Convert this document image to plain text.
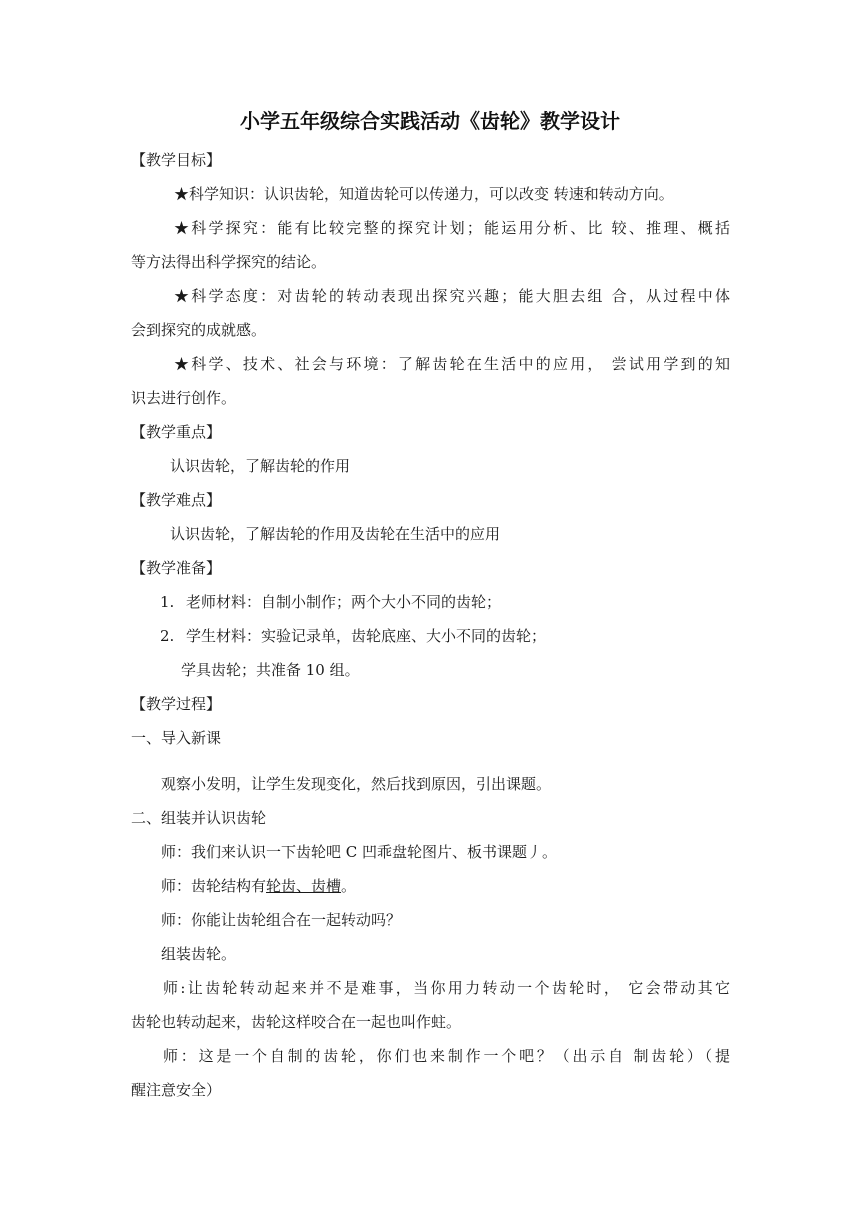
小学五年级综合实践活动《齿轮》教学设计
【教学目标】
★科学知识：认识齿轮，知道齿轮可以传递力，可以改变 转速和转动方向。
★科学探究：能有比较完整的探究计划；能运用分析、比 较、推理、概括
等方法得出科学探究的结论。
★科学态度：对齿轮的转动表现出探究兴趣；能大胆去组 合，从过程中体
会到探究的成就感。
★科学、技术、社会与环境：了解齿轮在生活中的应用， 尝试用学到的知
识去进行创作。
【教学重点】
认识齿轮，了解齿轮的作用
【教学难点】
认识齿轮，了解齿轮的作用及齿轮在生活中的应用
【教学准备】
1. 老师材料：自制小制作；两个大小不同的齿轮；
2. 学生材料：实验记录单，齿轮底座、大小不同的齿轮；
学具齿轮；共准备 10 组。
【教学过程】
一、导入新课
观察小发明，让学生发现变化，然后找到原因，引出课题。
二、组装并认识齿轮
师：我们来认识一下齿轮吧 C 凹乖盘轮图片、板书课题丿。
师：齿轮结构有轮齿、齿槽。
师：你能让齿轮组合在一起转动吗？
组装齿轮。
师:让齿轮转动起来并不是难事，当你用力转动一个齿轮时， 它会带动其它
齿轮也转动起来，齿轮这样咬合在一起也叫作蛀。
师：这是一个自制的齿轮，你们也来制作一个吧？（出示自 制齿轮）（提
醒注意安全）
